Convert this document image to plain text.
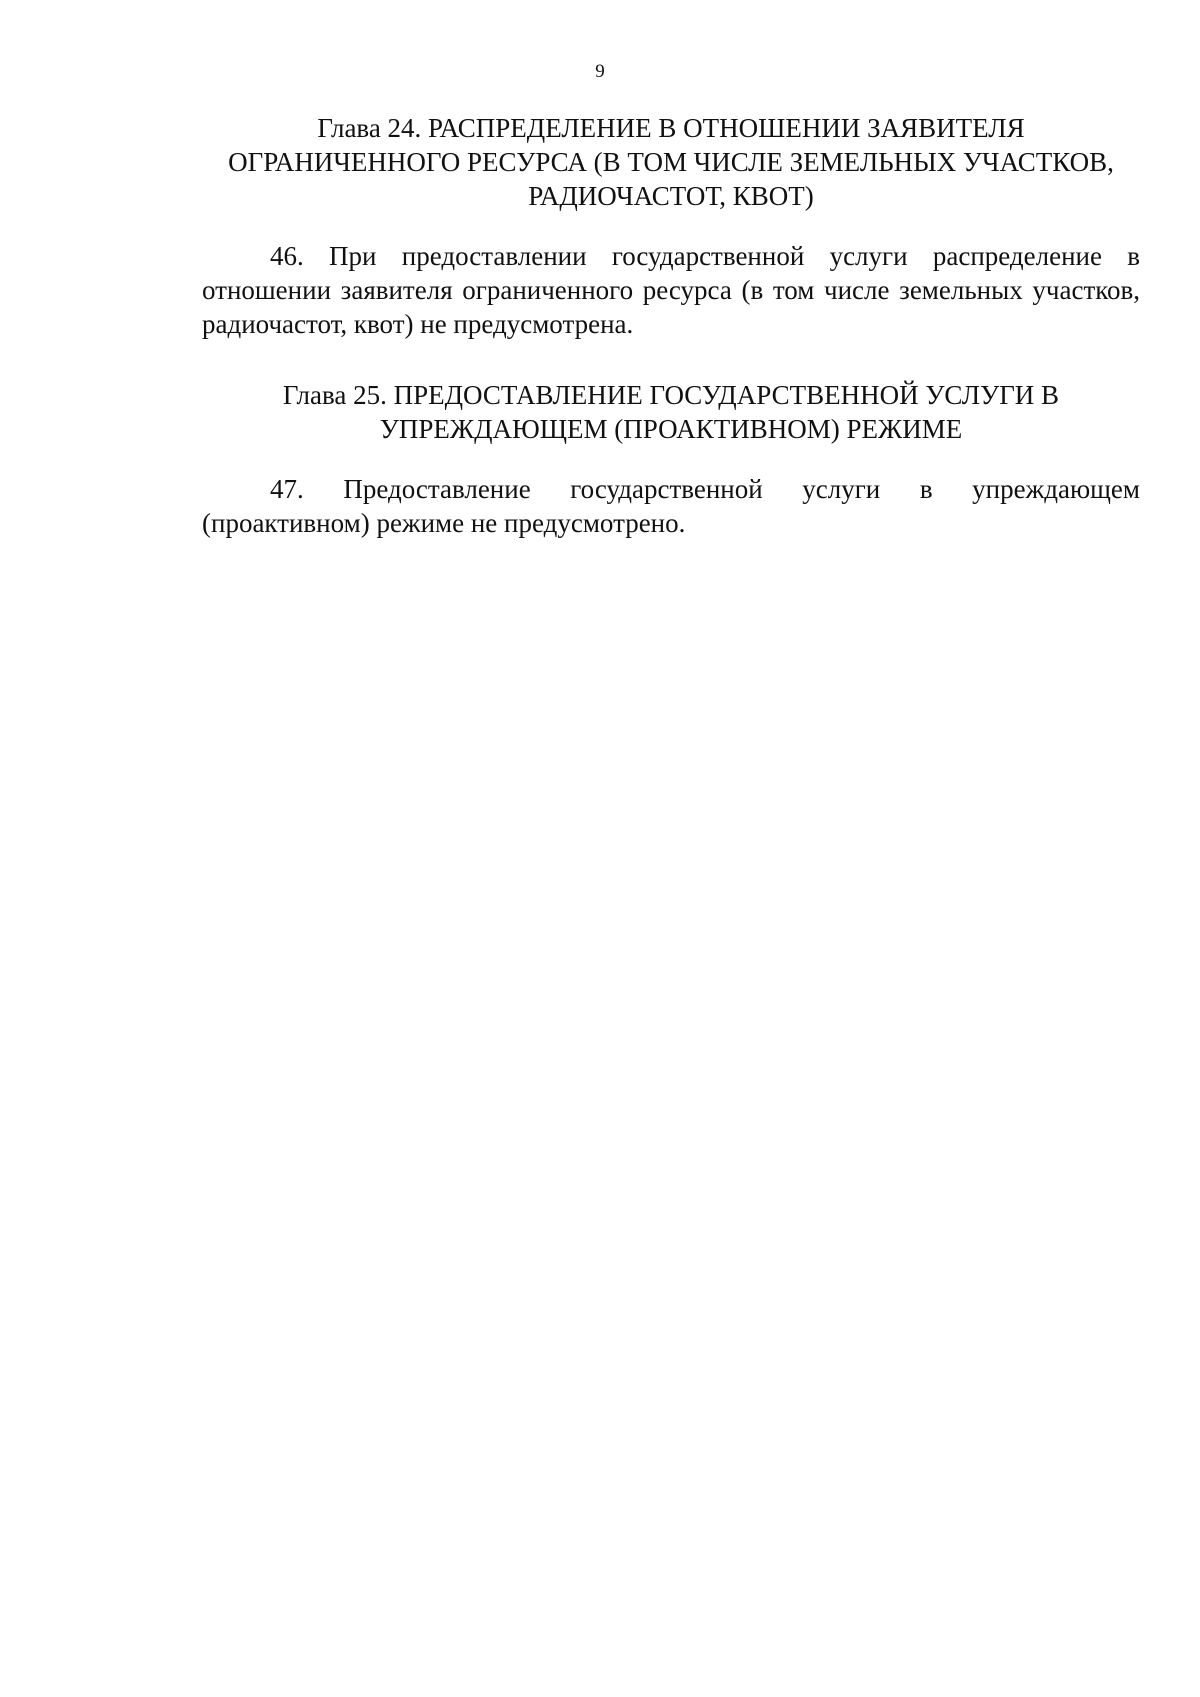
9
Глава 24. РАСПРЕДЕЛЕНИЕ В ОТНОШЕНИИ ЗАЯВИТЕЛЯ
ОГРАНИЧЕННОГО РЕСУРСА (В ТОМ ЧИСЛЕ ЗЕМЕЛЬНЫХ УЧАСТКОВ,
РАДИОЧАСТОТ, КВОТ)

46. При предоставлении государственной услуги распределение в отношении заявителя ограниченного ресурса (в том числе земельных участков, радиочастот, квот) не предусмотрена.

Глава 25. ПРЕДОСТАВЛЕНИЕ ГОСУДАРСТВЕННОЙ УСЛУГИ В
УПРЕЖДАЮЩЕМ (ПРОАКТИВНОМ) РЕЖИМЕ

47. Предоставление государственной услуги в упреждающем (проактивном) режиме не предусмотрено.
